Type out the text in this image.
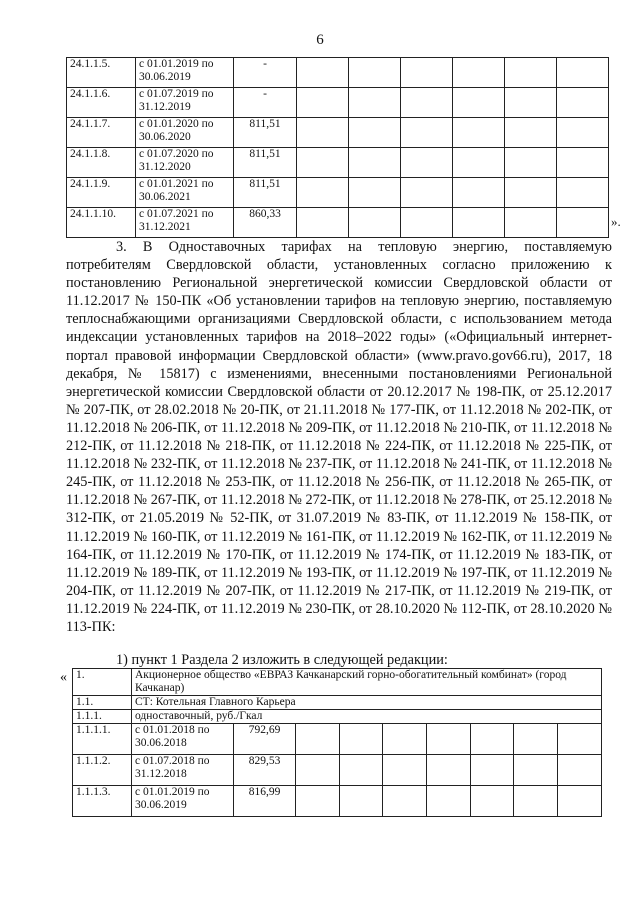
6
24.1.1.5.	с 01.01.2019 по 30.06.2019	-						
24.1.1.6.	с 01.07.2019 по 31.12.2019	-						
24.1.1.7.	с 01.01.2020 по 30.06.2020	811,51						
24.1.1.8.	с 01.07.2020 по 31.12.2020	811,51						
24.1.1.9.	с 01.01.2021 по 30.06.2021	811,51						
24.1.1.10.	с 01.07.2021 по 31.12.2021	860,33							».

3. В Одноставочных тарифах на тепловую энергию, поставляемую потребителям Свердловской области, установленных согласно приложению к постановлению Региональной энергетической комиссии Свердловской области от 11.12.2017 № 150-ПК «Об установлении тарифов на тепловую энергию, поставляемую теплоснабжающими организациями Свердловской области, с использованием метода индексации установленных тарифов на 2018–2022 годы» («Официальный интернет-портал правовой информации Свердловской области» (www.pravo.gov66.ru), 2017, 18 декабря, № 15817) с изменениями, внесенными постановлениями Региональной энергетической комиссии Свердловской области от 20.12.2017 № 198-ПК, от 25.12.2017 № 207-ПК, от 28.02.2018 № 20-ПК, от 21.11.2018 № 177-ПК, от 11.12.2018 № 202-ПК, от 11.12.2018 № 206-ПК, от 11.12.2018 № 209-ПК, от 11.12.2018 № 210-ПК, от 11.12.2018 № 212-ПК, от 11.12.2018 № 218-ПК, от 11.12.2018 № 224-ПК, от 11.12.2018 № 225-ПК, от 11.12.2018 № 232-ПК, от 11.12.2018 № 237-ПК, от 11.12.2018 № 241-ПК, от 11.12.2018 № 245-ПК, от 11.12.2018 № 253-ПК, от 11.12.2018 № 256-ПК, от 11.12.2018 № 265-ПК, от 11.12.2018 № 267-ПК, от 11.12.2018 № 272-ПК, от 11.12.2018 № 278-ПК, от 25.12.2018 № 312-ПК, от 21.05.2019 № 52-ПК, от 31.07.2019 № 83-ПК, от 11.12.2019 № 158-ПК, от 11.12.2019 № 160-ПК, от 11.12.2019 № 161-ПК, от 11.12.2019 № 162-ПК, от 11.12.2019 № 164-ПК, от 11.12.2019 № 170-ПК, от 11.12.2019 № 174-ПК, от 11.12.2019 № 183-ПК, от 11.12.2019 № 189-ПК, от 11.12.2019 № 193-ПК, от 11.12.2019 № 197-ПК, от 11.12.2019 № 204-ПК, от 11.12.2019 № 207-ПК, от 11.12.2019 № 217-ПК, от 11.12.2019 № 219-ПК, от 11.12.2019 № 224-ПК, от 11.12.2019 № 230-ПК, от 28.10.2020 № 112-ПК, от 28.10.2020 № 113-ПК:

1) пункт 1 Раздела 2 изложить в следующей редакции:
« 1.	Акционерное общество «ЕВРАЗ Качканарский горно-обогатительный комбинат» (город Качканар)								
1.1.	СТ: Котельная Главного Карьера								
1.1.1.	одноставочный, руб./Гкал								
1.1.1.1.	с 01.01.2018 по 30.06.2018	792,69							
1.1.1.2.	с 01.07.2018 по 31.12.2018	829,53							
1.1.1.3.	с 01.01.2019 по 30.06.2019	816,99							
